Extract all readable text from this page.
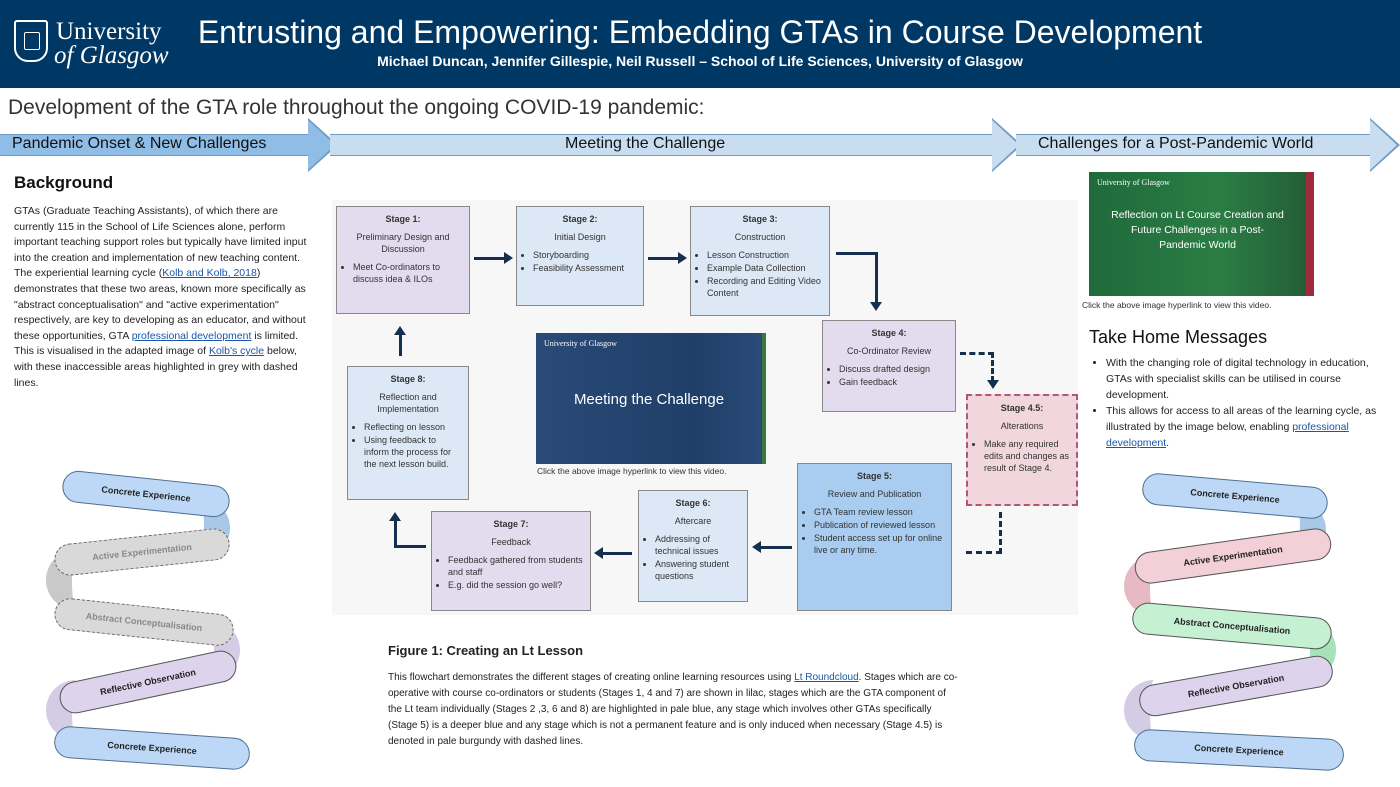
University
of Glasgow
Entrusting and Empowering: Embedding GTAs in Course Development
Michael Duncan, Jennifer Gillespie, Neil Russell – School of Life Sciences, University of Glasgow
Development of the GTA role throughout the ongoing COVID-19 pandemic:
Pandemic Onset & New Challenges	Meeting the Challenge	Challenges for a Post-Pandemic World
Background
GTAs (Graduate Teaching Assistants), of which there are currently 115 in the School of Life Sciences alone, perform important teaching support roles but typically have limited input into the creation and implementation of new teaching content. The experiential learning cycle (Kolb and Kolb, 2018) demonstrates that these two areas, known more specifically as "abstract conceptualisation" and "active experimentation" respectively, are key to developing as an educator, and without these opportunities, GTA professional development is limited. This is visualised in the adapted image of Kolb's cycle below, with these inaccessible areas highlighted in grey with dashed lines.
Concrete Experience
Active Experimentation
Abstract Conceptualisation
Reflective Observation
Concrete Experience
Stage 1:
Preliminary Design and Discussion
• Meet Co-ordinators to discuss idea & ILOs
Stage 2:
Initial Design
• Storyboarding
• Feasibility Assessment
Stage 3:
Construction
• Lesson Construction
• Example Data Collection
• Recording and Editing Video Content
Stage 4:
Co-Ordinator Review
• Discuss drafted design
• Gain feedback
Stage 4.5:
Alterations
• Make any required edits and changes as result of Stage 4.
Stage 5:
Review and Publication
• GTA Team review lesson
• Publication of reviewed lesson
• Student access set up for online live or any time.
Stage 6:
Aftercare
• Addressing of technical issues
• Answering student questions
Stage 7:
Feedback
• Feedback gathered from students and staff
• E.g. did the session go well?
Stage 8:
Reflection and Implementation
• Reflecting on lesson
• Using feedback to inform the process for the next lesson build.
University of Glasgow
Meeting the Challenge
Click the above image hyperlink to view this video.
University of Glasgow
Reflection on Lt Course Creation and Future Challenges in a Post-Pandemic World
Click the above image hyperlink to view this video.
Take Home Messages
• With the changing role of digital technology in education, GTAs with specialist skills can be utilised in course development.
• This allows for access to all areas of the learning cycle, as illustrated by the image below, enabling professional development.
Concrete Experience
Active Experimentation
Abstract Conceptualisation
Reflective Observation
Concrete Experience
Figure 1: Creating an Lt Lesson
This flowchart demonstrates the different stages of creating online learning resources using Lt Roundcloud. Stages which are co-operative with course co-ordinators or students (Stages 1, 4 and 7) are shown in lilac, stages which are the GTA component of the Lt team individually (Stages 2 ,3, 6 and 8) are highlighted in pale blue, any stage which involves other GTAs specifically (Stage 5) is a deeper blue and any stage which is not a permanent feature and is only induced when necessary (Stage 4.5) is denoted in pale burgundy with dashed lines.
